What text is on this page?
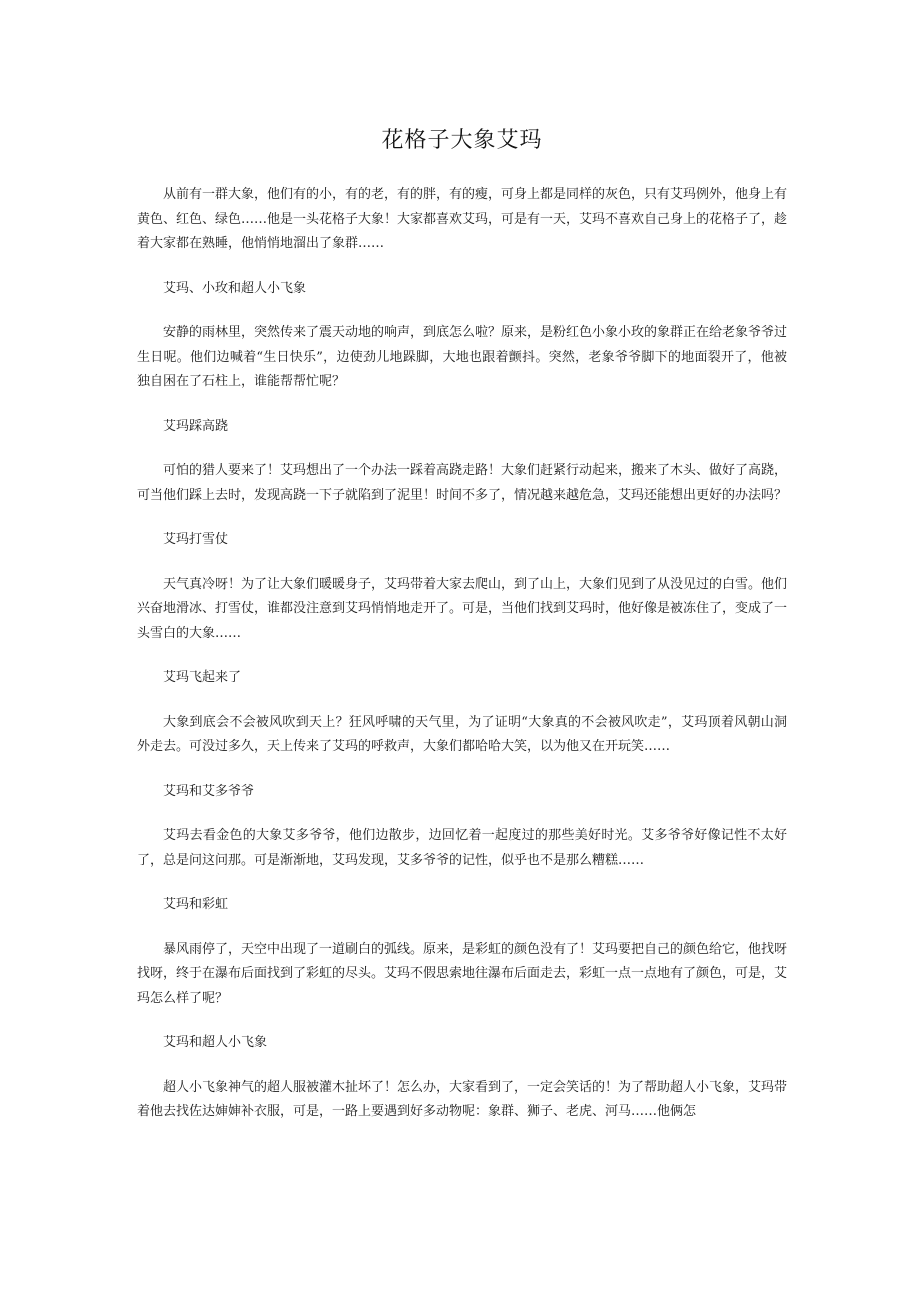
花格子大象艾玛

从前有一群大象，他们有的小，有的老，有的胖，有的瘦，可身上都是同样的灰色，只有艾玛例外，他身上有黄色、红色、绿色……他是一头花格子大象！大家都喜欢艾玛，可是有一天，艾玛不喜欢自己身上的花格子了，趁着大家都在熟睡，他悄悄地溜出了象群……

艾玛、小玫和超人小飞象

安静的雨林里，突然传来了震天动地的响声，到底怎么啦？原来，是粉红色小象小玫的象群正在给老象爷爷过生日呢。他们边喊着“生日快乐”，边使劲儿地跺脚，大地也跟着颤抖。突然，老象爷爷脚下的地面裂开了，他被独自困在了石柱上，谁能帮帮忙呢？

艾玛踩高跷

可怕的猎人要来了！艾玛想出了一个办法一踩着高跷走路！大象们赶紧行动起来，搬来了木头、做好了高跷，可当他们踩上去时，发现高跷一下子就陷到了泥里！时间不多了，情况越来越危急，艾玛还能想出更好的办法吗？

艾玛打雪仗

天气真冷呀！为了让大象们暖暖身子，艾玛带着大家去爬山，到了山上，大象们见到了从没见过的白雪。他们兴奋地滑冰、打雪仗，谁都没注意到艾玛悄悄地走开了。可是，当他们找到艾玛时，他好像是被冻住了，变成了一头雪白的大象……

艾玛飞起来了

大象到底会不会被风吹到天上？狂风呼啸的天气里，为了证明“大象真的不会被风吹走”，艾玛顶着风朝山洞外走去。可没过多久，天上传来了艾玛的呼救声，大象们都哈哈大笑，以为他又在开玩笑……

艾玛和艾多爷爷

艾玛去看金色的大象艾多爷爷，他们边散步，边回忆着一起度过的那些美好时光。艾多爷爷好像记性不太好了，总是问这问那。可是渐渐地，艾玛发现，艾多爷爷的记性，似乎也不是那么糟糕……

艾玛和彩虹

暴风雨停了，天空中出现了一道刷白的弧线。原来，是彩虹的颜色没有了！艾玛要把自己的颜色给它，他找呀找呀，终于在瀑布后面找到了彩虹的尽头。艾玛不假思索地往瀑布后面走去，彩虹一点一点地有了颜色，可是，艾玛怎么样了呢？

艾玛和超人小飞象

超人小飞象神气的超人服被灌木扯坏了！怎么办，大家看到了，一定会笑话的！为了帮助超人小飞象，艾玛带着他去找佐达婶婶补衣服，可是，一路上要遇到好多动物呢：象群、狮子、老虎、河马……他俩怎
